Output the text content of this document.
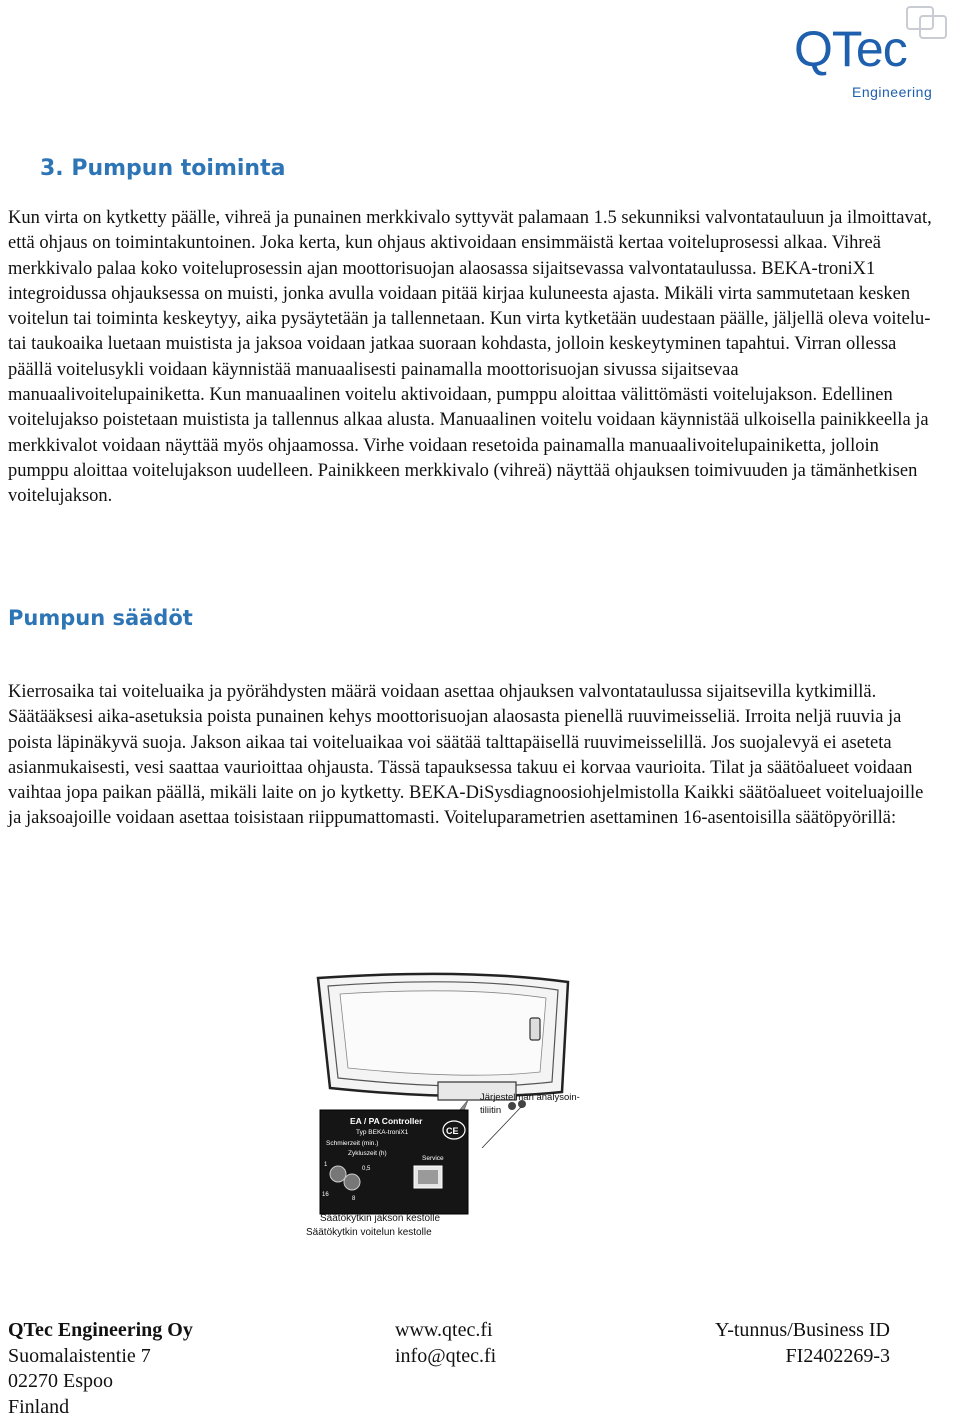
QTec
Engineering
3. Pumpun toiminta

Kun virta on kytketty päälle, vihreä ja punainen merkkivalo syttyvät palamaan 1.5 sekunniksi valvontatauluun ja ilmoittavat, että ohjaus on toimintakuntoinen. Joka kerta, kun ohjaus aktivoidaan ensimmäistä kertaa voiteluprosessi alkaa. Vihreä merkkivalo palaa koko voiteluprosessin ajan moottorisuojan alaosassa sijaitsevassa valvontataulussa. BEKA-troniX1 integroidussa ohjauksessa on muisti, jonka avulla voidaan pitää kirjaa kuluneesta ajasta. Mikäli virta sammutetaan kesken voitelun tai toiminta keskeytyy, aika pysäytetään ja tallennetaan. Kun virta kytketään uudestaan päälle, jäljellä oleva voitelu- tai taukoaika luetaan muistista ja jaksoa voidaan jatkaa suoraan kohdasta, jolloin keskeytyminen tapahtui. Virran ollessa päällä voitelusykli voidaan käynnistää manuaalisesti painamalla moottorisuojan sivussa sijaitsevaa manuaalivoitelupainiketta. Kun manuaalinen voitelu aktivoidaan, pumppu aloittaa välittömästi voitelujakson. Edellinen voitelujakso poistetaan muistista ja tallennus alkaa alusta. Manuaalinen voitelu voidaan käynnistää ulkoisella painikkeella ja merkkivalot voidaan näyttää myös ohjaamossa. Virhe voidaan resetoida painamalla manuaalivoitelupainiketta, jolloin pumppu aloittaa voitelujakson uudelleen. Painikkeen merkkivalo (vihreä) näyttää ohjauksen toimivuuden ja tämänhetkisen voitelujakson.

Pumpun säädöt

Kierrosaika tai voiteluaika ja pyörähdysten määrä voidaan asettaa ohjauksen valvontataulussa sijaitsevilla kytkimillä. Säätääksesi aika-asetuksia poista punainen kehys moottorisuojan alaosasta pienellä ruuvimeisseliä. Irroita neljä ruuvia ja poista läpinäkyvä suoja. Jakson aikaa tai voiteluaikaa voi säätää talttapäisellä ruuvimeisselillä. Jos suojalevyä ei aseteta asianmukaisesti, vesi saattaa vaurioittaa ohjausta. Tässä tapauksessa takuu ei korvaa vaurioita. Tilat ja säätöalueet voidaan vaihtaa jopa paikan päällä, mikäli laite on jo kytketty. BEKA-DiSysdiagnoosiohjelmistolla Kaikki säätöalueet voiteluajoille ja jaksoajoille voidaan asettaa toisistaan riippumattomasti. Voiteluparametrien asettaminen 16-asentoisilla säätöpyörillä:

Järjestelmän analysoin- tiliitin
EA / PA Controller
Typ BEKA-troniX1
Schmierzeit (min.)
Zykluszeit (h)
Service
1
16
0,5
8
CE
Säätökytkin jakson kestolle
Säätökytkin voitelun kestolle
QTec Engineering Oy
Suomalaistentie 7
02270 Espoo
Finland
www.qtec.fi
info@qtec.fi
Y-tunnus/Business ID
FI2402269-3
